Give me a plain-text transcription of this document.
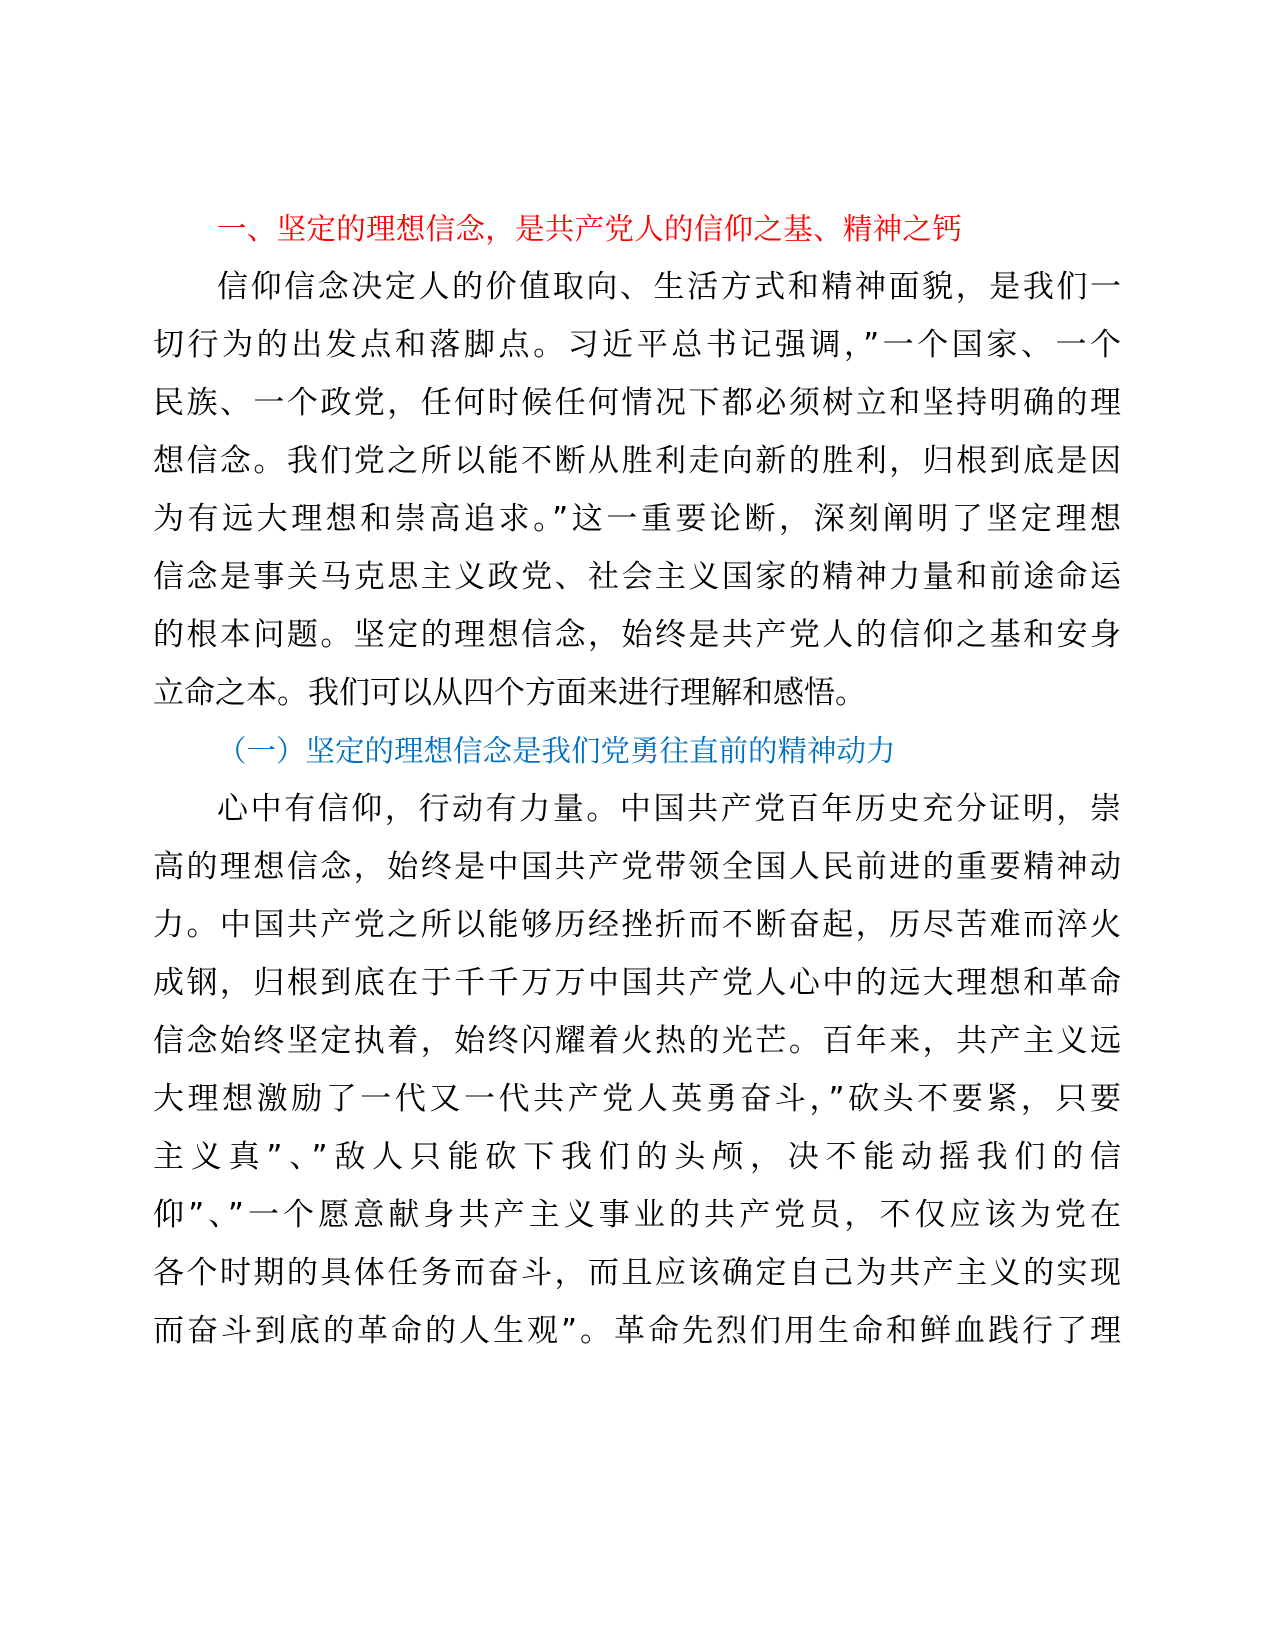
一、坚定的理想信念，是共产党人的信仰之基、精神之钙

信仰信念决定人的价值取向、生活方式和精神面貌，是我们一
切行为的出发点和落脚点。习近平总书记强调，”一个国家、一个
民族、一个政党，任何时候任何情况下都必须树立和坚持明确的理
想信念。我们党之所以能不断从胜利走向新的胜利，归根到底是因
为有远大理想和崇高追求。”这一重要论断，深刻阐明了坚定理想
信念是事关马克思主义政党、社会主义国家的精神力量和前途命运
的根本问题。坚定的理想信念，始终是共产党人的信仰之基和安身
立命之本。我们可以从四个方面来进行理解和感悟。

（一）坚定的理想信念是我们党勇往直前的精神动力

心中有信仰，行动有力量。中国共产党百年历史充分证明，崇
高的理想信念，始终是中国共产党带领全国人民前进的重要精神动
力。中国共产党之所以能够历经挫折而不断奋起，历尽苦难而淬火
成钢，归根到底在于千千万万中国共产党人心中的远大理想和革命
信念始终坚定执着，始终闪耀着火热的光芒。百年来，共产主义远
大理想激励了一代又一代共产党人英勇奋斗，”砍头不要紧，只要
主义真”、”敌人只能砍下我们的头颅，决不能动摇我们的信
仰”、”一个愿意献身共产主义事业的共产党员，不仅应该为党在
各个时期的具体任务而奋斗，而且应该确定自己为共产主义的实现
而奋斗到底的革命的人生观”。革命先烈们用生命和鲜血践行了理
